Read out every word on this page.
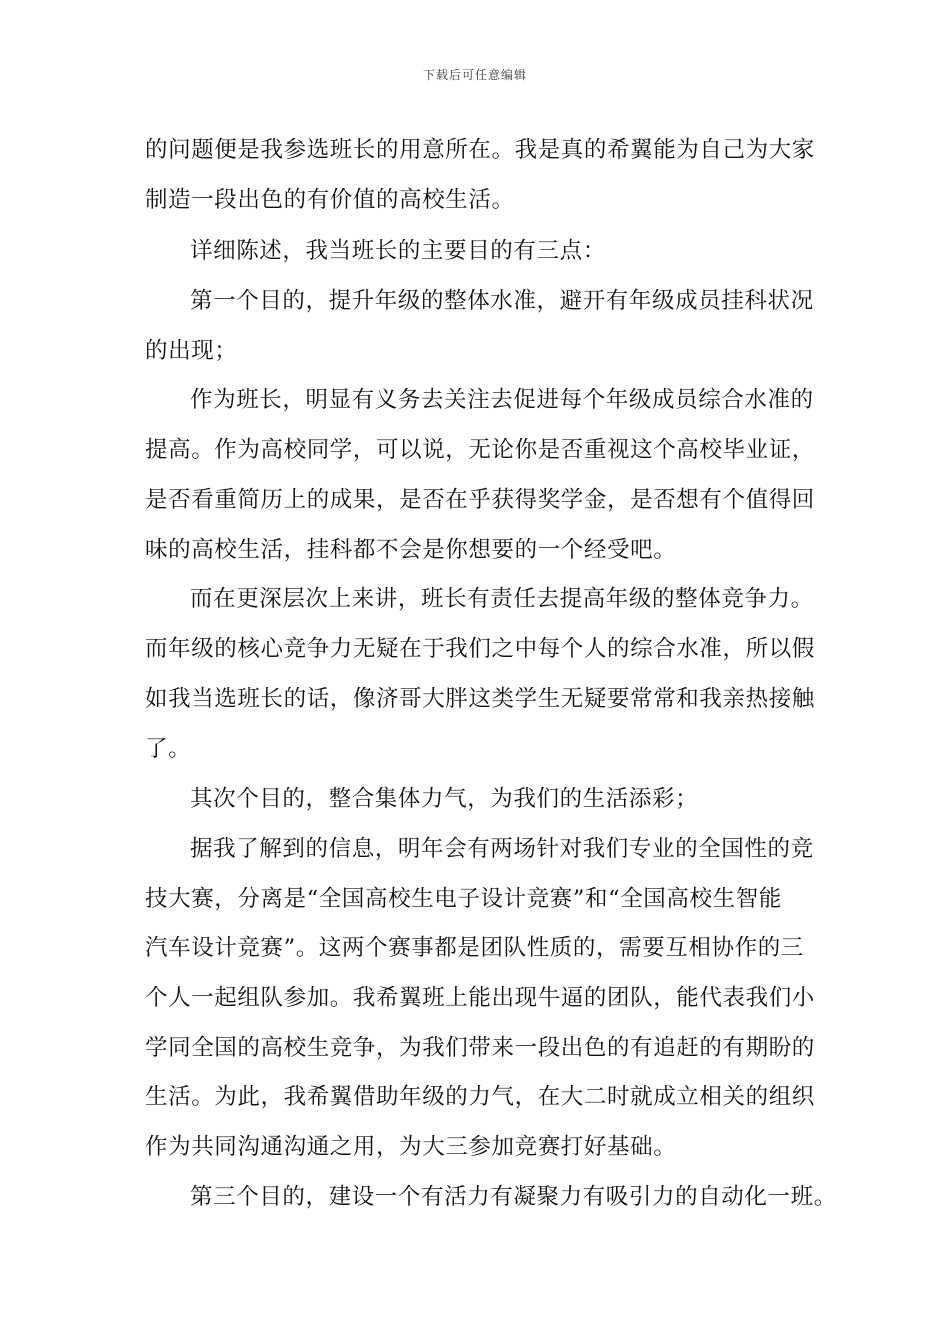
下载后可任意编辑
的问题便是我参选班长的用意所在。我是真的希翼能为自己为大家
制造一段出色的有价值的高校生活。
详细陈述，我当班长的主要目的有三点：
第一个目的，提升年级的整体水准，避开有年级成员挂科状况
的出现；
作为班长，明显有义务去关注去促进每个年级成员综合水准的
提高。作为高校同学，可以说，无论你是否重视这个高校毕业证，
是否看重简历上的成果，是否在乎获得奖学金，是否想有个值得回
味的高校生活，挂科都不会是你想要的一个经受吧。
而在更深层次上来讲，班长有责任去提高年级的整体竞争力。
而年级的核心竞争力无疑在于我们之中每个人的综合水准，所以假
如我当选班长的话，像济哥大胖这类学生无疑要常常和我亲热接触
了。
其次个目的，整合集体力气，为我们的生活添彩；
据我了解到的信息，明年会有两场针对我们专业的全国性的竞
技大赛，分离是“全国高校生电子设计竞赛”和“全国高校生智能
汽车设计竞赛”。这两个赛事都是团队性质的，需要互相协作的三
个人一起组队参加。我希翼班上能出现牛逼的团队，能代表我们小
学同全国的高校生竞争，为我们带来一段出色的有追赶的有期盼的
生活。为此，我希翼借助年级的力气，在大二时就成立相关的组织
作为共同沟通沟通之用，为大三参加竞赛打好基础。
第三个目的，建设一个有活力有凝聚力有吸引力的自动化一班。
